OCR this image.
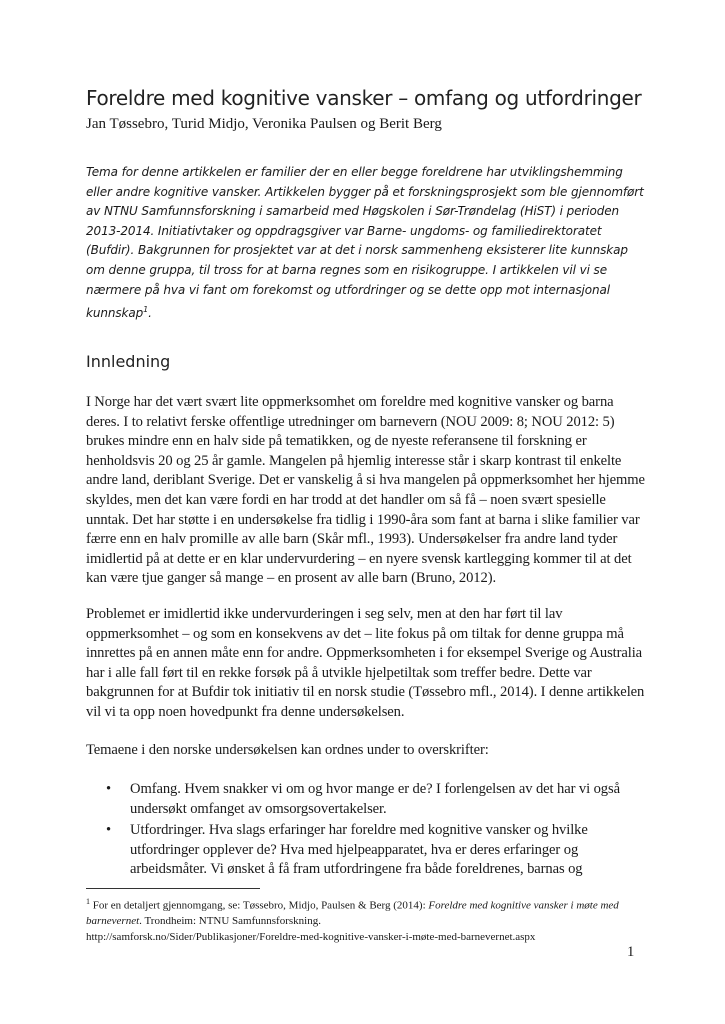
Foreldre med kognitive vansker – omfang og utfordringer

Jan Tøssebro, Turid Midjo, Veronika Paulsen og Berit Berg

Tema for denne artikkelen er familier der en eller begge foreldrene har utviklingshemming eller andre kognitive vansker. Artikkelen bygger på et forskningsprosjekt som ble gjennomført av NTNU Samfunnsforskning i samarbeid med Høgskolen i Sør-Trøndelag (HiST) i perioden 2013-2014. Initiativtaker og oppdragsgiver var Barne- ungdoms- og familiedirektoratet (Bufdir). Bakgrunnen for prosjektet var at det i norsk sammenheng eksisterer lite kunnskap om denne gruppa, til tross for at barna regnes som en risikogruppe. I artikkelen vil vi se nærmere på hva vi fant om forekomst og utfordringer og se dette opp mot internasjonal kunnskap$^1$.

Innledning

I Norge har det vært svært lite oppmerksomhet om foreldre med kognitive vansker og barna deres. I to relativt ferske offentlige utredninger om barnevern (NOU 2009: 8; NOU 2012: 5) brukes mindre enn en halv side på tematikken, og de nyeste referansene til forskning er henholdsvis 20 og 25 år gamle. Mangelen på hjemlig interesse står i skarp kontrast til enkelte andre land, deriblant Sverige. Det er vanskelig å si hva mangelen på oppmerksomhet her hjemme skyldes, men det kan være fordi en har trodd at det handler om så få – noen svært spesielle unntak. Det har støtte i en undersøkelse fra tidlig i 1990-åra som fant at barna i slike familier var færre enn en halv promille av alle barn (Skår mfl., 1993). Undersøkelser fra andre land tyder imidlertid på at dette er en klar undervurdering – en nyere svensk kartlegging kommer til at det kan være tjue ganger så mange – en prosent av alle barn (Bruno, 2012).

Problemet er imidlertid ikke undervurderingen i seg selv, men at den har ført til lav oppmerksomhet – og som en konsekvens av det – lite fokus på om tiltak for denne gruppa må innrettes på en annen måte enn for andre. Oppmerksomheten i for eksempel Sverige og Australia har i alle fall ført til en rekke forsøk på å utvikle hjelpetiltak som treffer bedre. Dette var bakgrunnen for at Bufdir tok initiativ til en norsk studie (Tøssebro mfl., 2014). I denne artikkelen vil vi ta opp noen hovedpunkt fra denne undersøkelsen.

Temaene i den norske undersøkelsen kan ordnes under to overskrifter:

• Omfang. Hvem snakker vi om og hvor mange er de? I forlengelsen av det har vi også undersøkt omfanget av omsorgsovertakelser.
• Utfordringer. Hva slags erfaringer har foreldre med kognitive vansker og hvilke utfordringer opplever de? Hva med hjelpeapparatet, hva er deres erfaringer og arbeidsmåter. Vi ønsket å få fram utfordringene fra både foreldrenes, barnas og

$^1$ For en detaljert gjennomgang, se: Tøssebro, Midjo, Paulsen & Berg (2014): Foreldre med kognitive vansker i møte med barnevernet. Trondheim: NTNU Samfunnsforskning.
http://samforsk.no/Sider/Publikasjoner/Foreldre-med-kognitive-vansker-i-møte-med-barnevernet.aspx

1
